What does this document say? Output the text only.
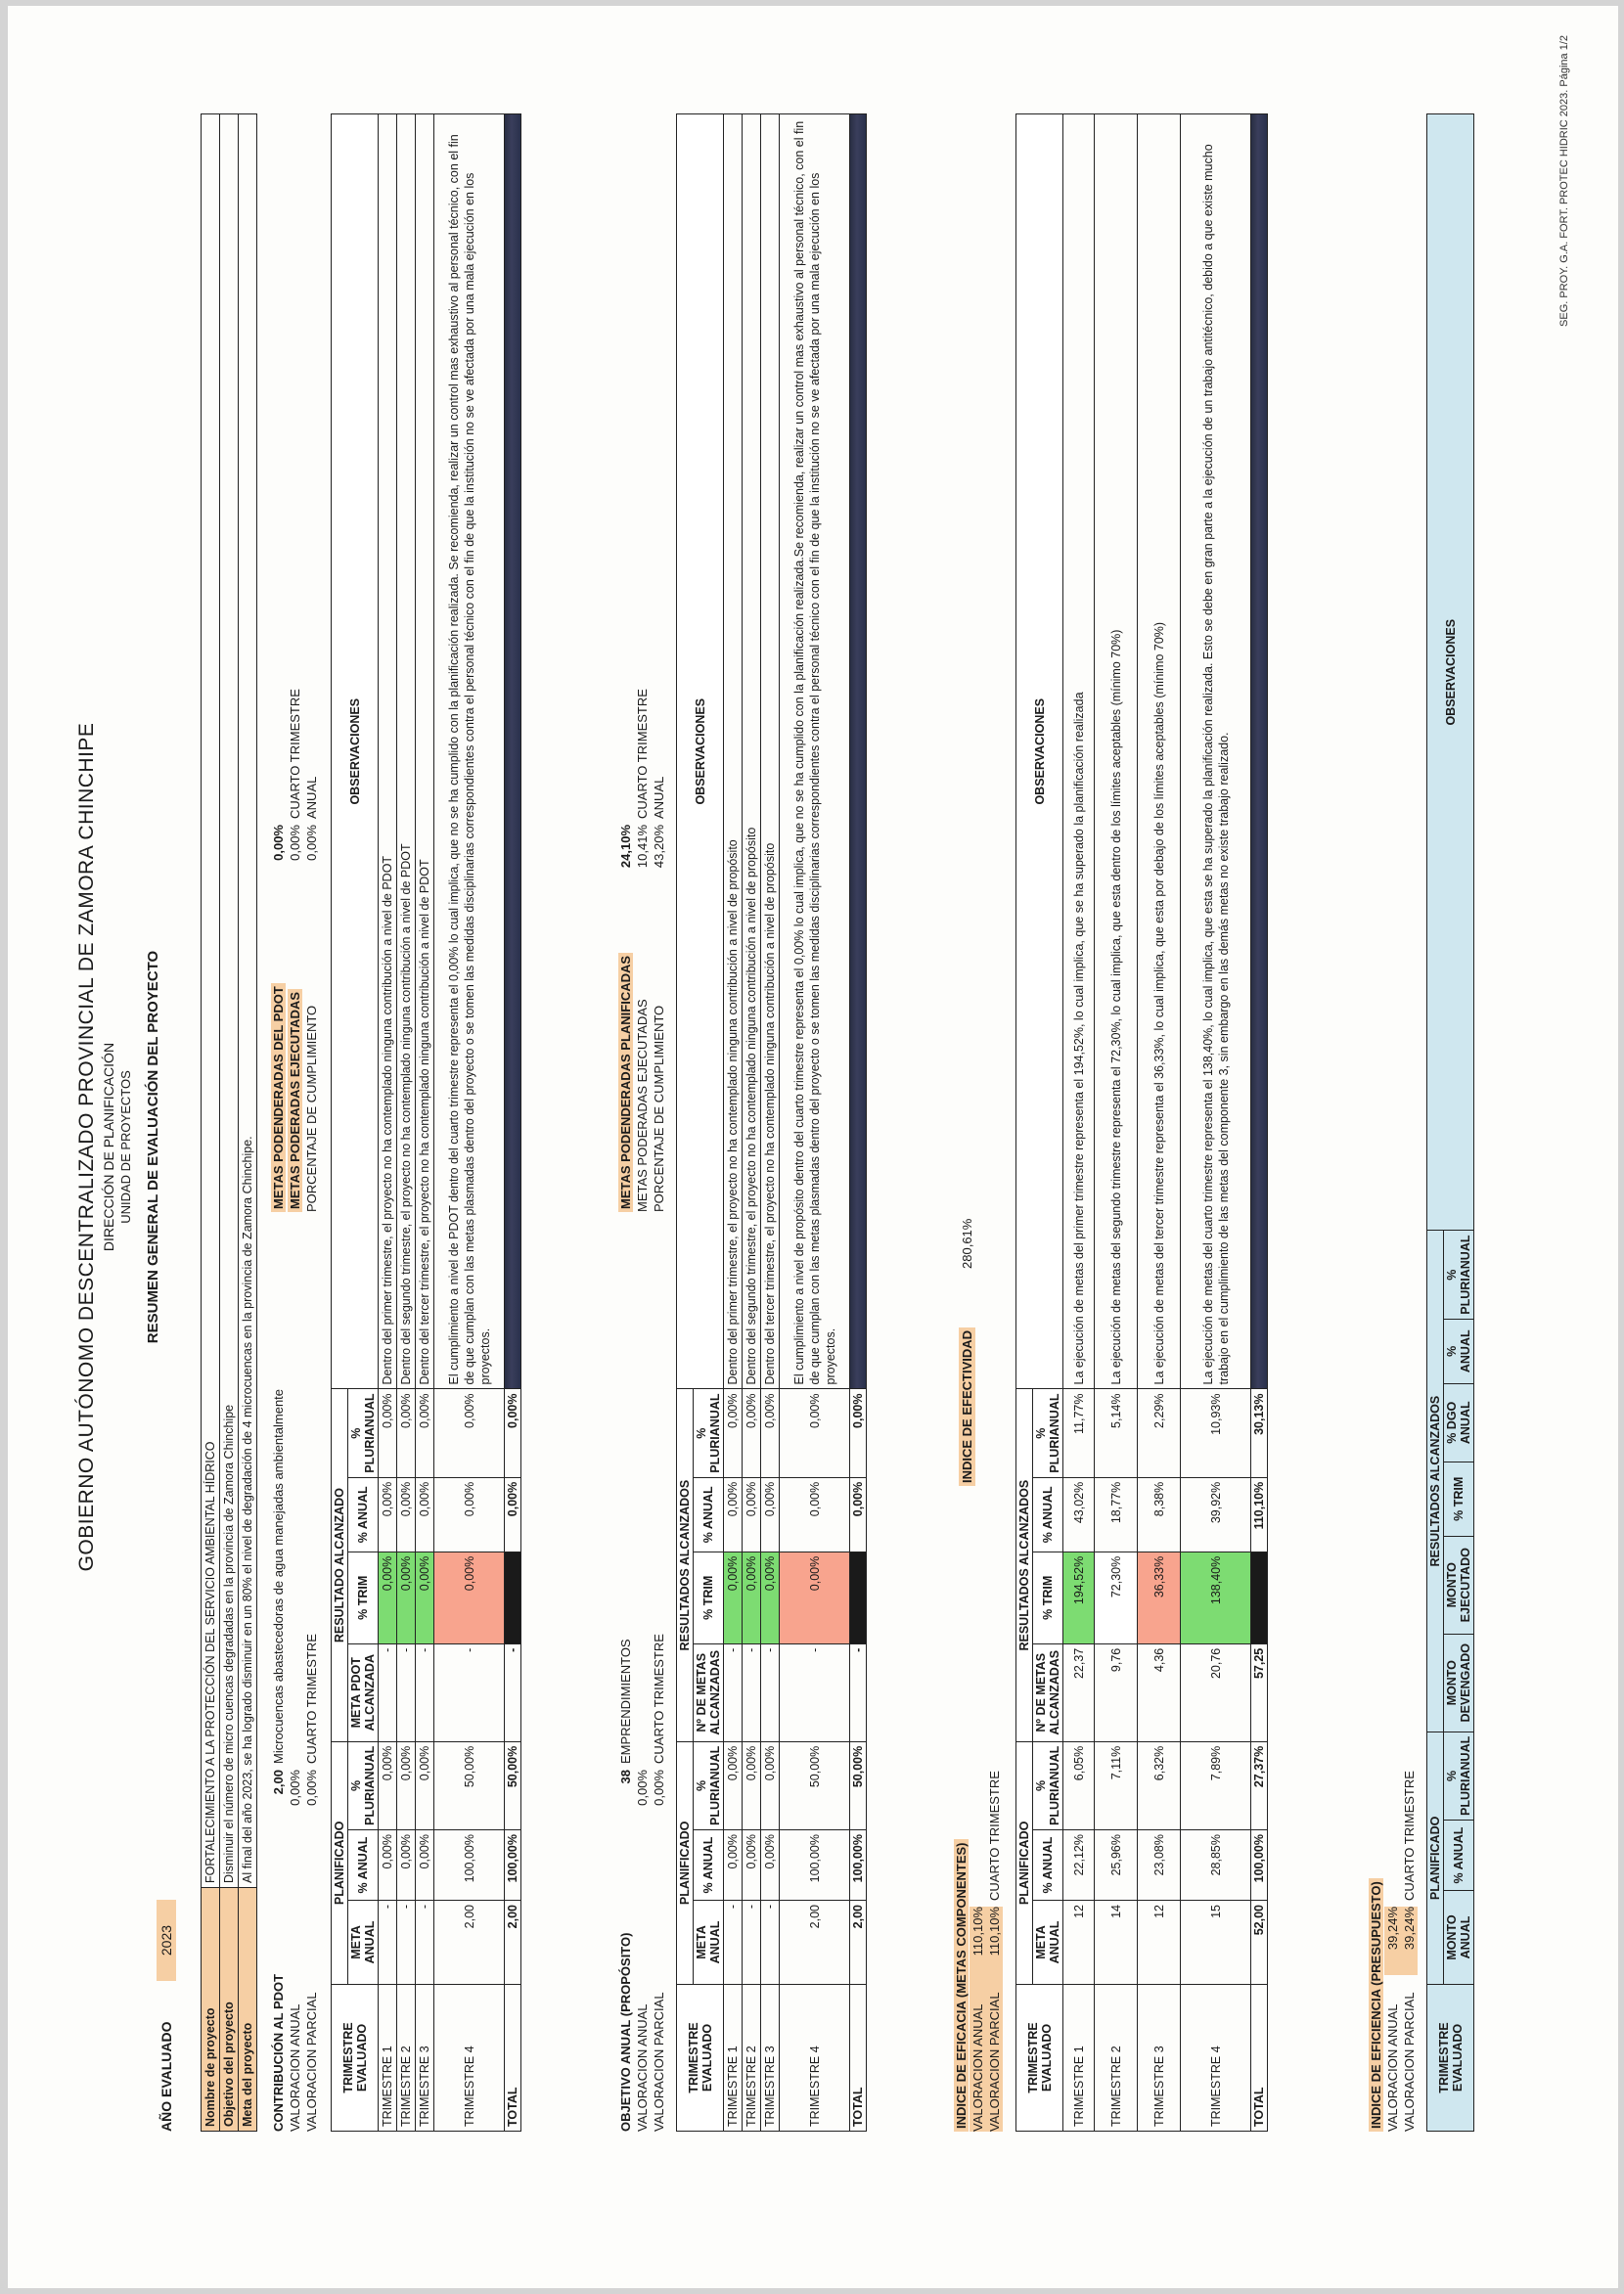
GOBIERNO AUTÓNOMO DESCENTRALIZADO PROVINCIAL DE ZAMORA CHINCHIPE DIRECCIÓN DE PLANIFICACIÓN UNIDAD DE PROYECTOS RESUMEN GENERAL DE EVALUACIÓN DEL PROYECTO
AÑO EVALUADO 2023
Nombre de proyecto	FORTALECIMIENTO A LA PROTECCIÓN DEL SERVICIO AMBIENTAL HÍDRICO
Objetivo del proyecto	Disminuir el número de micro cuencas degradadas en la provincia de Zamora Chinchipe
Meta del proyecto	Al final del año 2023, se ha logrado disminuir en un 80% el nivel de degradación de 4 microcuencas en la provincia de Zamora Chinchipe.
CONTRIBUCIÓN AL PDOT
2,00
Microcuencas abastecedoras de agua manejadas ambientalmente
VALORACION ANUAL
0,00%
VALORACION PARCIAL
0,00%
CUARTO TRIMESTRE
METAS PODENDERADAS DEL PDOT
0,00%
METAS PODERADAS EJECUTADAS
0,00%
CUARTO TRIMESTRE
PORCENTAJE DE CUMPLIMIENTO
0,00%
ANUAL
TRIMESTRE EVALUADO	PLANIFICADO			RESULTADO ALCANZADO				OBSERVACIONES
	META ANUAL	% ANUAL	% PLURIANUAL	META PDOT ALCANZADA	% TRIM	% ANUAL	% PLURIANUAL	
TRIMESTRE 1	-	0,00%	0,00%	-	0,00%	0,00%	0,00%	Dentro del primer trimestre, el proyecto no ha contemplado ninguna contribución a nivel de PDOT
TRIMESTRE 2	-	0,00%	0,00%	-	0,00%	0,00%	0,00%	Dentro del segundo trimestre, el proyecto no ha contemplado ninguna contribución a nivel de PDOT
TRIMESTRE 3	-	0,00%	0,00%	-	0,00%	0,00%	0,00%	Dentro del tercer trimestre, el proyecto no ha contemplado ninguna contribución a nivel de PDOT
TRIMESTRE 4	2,00	100,00%	50,00%	-	0,00%	0,00%	0,00%	El cumplimiento a nivel de PDOT dentro del cuarto trimestre representa el 0,00% lo cual implica, que no se ha cumplido con la planificación realizada. Se recomienda, realizar un control mas exhaustivo al personal técnico, con el fin de que cumplan con las metas plasmadas dentro del proyecto o se tomen las medidas disciplinarias correspondientes contra el personal técnico con el fin de que la institución no se ve afectada por una mala ejecución en los proyectos.
TOTAL	2,00	100,00%	50,00%	-		0,00%	0,00%	
OBJETIVO ANUAL (PROPÓSITO)
38
EMPRENDIMIENTOS
VALORACION ANUAL
0,00%
VALORACION PARCIAL
0,00%
CUARTO TRIMESTRE
METAS PODENDERADAS PLANIFICADAS
24,10%
METAS PODERADAS EJECUTADAS
10,41%
CUARTO TRIMESTRE
PORCENTAJE DE CUMPLIMIENTO
43,20%
ANUAL
TRIMESTRE EVALUADO	PLANIFICADO			RESULTADOS ALCANZADOS				OBSERVACIONES
	META ANUAL	% ANUAL	% PLURIANUAL	Nº DE METAS ALCANZADAS	% TRIM	% ANUAL	% PLURIANUAL	
TRIMESTRE 1	-	0,00%	0,00%	-	0,00%	0,00%	0,00%	Dentro del primer trimestre, el proyecto no ha contemplado ninguna contribución a nivel de propósito
TRIMESTRE 2	-	0,00%	0,00%	-	0,00%	0,00%	0,00%	Dentro del segundo trimestre, el proyecto no ha contemplado ninguna contribución a nivel de propósito
TRIMESTRE 3	-	0,00%	0,00%	-	0,00%	0,00%	0,00%	Dentro del tercer trimestre, el proyecto no ha contemplado ninguna contribución a nivel de propósito
TRIMESTRE 4	2,00	100,00%	50,00%	-	0,00%	0,00%	0,00%	El cumplimiento a nivel de propósito dentro del cuarto trimestre representa el 0,00% lo cual implica, que no se ha cumplido con la planificación realizada.Se recomienda, realizar un control mas exhaustivo al personal técnico, con el fin de que cumplan con las metas plasmadas dentro del proyecto o se tomen las medidas disciplinarias correspondientes contra el personal técnico con el fin de que la institución no se ve afectada por una mala ejecución en los proyectos.
TOTAL	2,00	100,00%	50,00%	-		0,00%	0,00%		INDICE DE EFECTIVIDAD
280,61%
INDICE DE EFICACIA (METAS COMPONENTES) VALORACION ANUAL
110,10%
VALORACION PARCIAL
110,10%
CUARTO TRIMESTRE
TRIMESTRE EVALUADO	PLANIFICADO			RESULTADOS ALCANZADOS				OBSERVACIONES
	META ANUAL	% ANUAL	% PLURIANUAL	Nº DE METAS ALCANZADAS	% TRIM	% ANUAL	% PLURIANUAL	
TRIMESTRE 1	12	22,12%	6,05%	22,37	194,52%	43,02%	11,77%	La ejecución de metas del primer trimestre representa el 194,52%, lo cual implica, que se ha superado la planificación realizada
TRIMESTRE 2	14	25,96%	7,11%	9,76	72,30%	18,77%	5,14%	La ejecución de metas del segundo trimestre representa el 72,30%, lo cual implica, que esta dentro de los límites aceptables (mínimo 70%)
TRIMESTRE 3	12	23,08%	6,32%	4,36	36,33%	8,38%	2,29%	La ejecución de metas del tercer trimestre representa el 36,33%, lo cual implica, que esta por debajo de los límites aceptables (mínimo 70%)
TRIMESTRE 4	15	28,85%	7,89%	20,76	138,40%	39,92%	10,93%	La ejecución de metas del cuarto trimestre representa el 138,40%, lo cual implica, que esta se ha superado la planificación realizada. Esto se debe en gran parte a la ejecución de un trabajo antitécnico, debido a que existe mucho trabajo en el cumplimiento de las metas del componente 3, sin embargo en las demás metas no existe trabajo realizado.
TOTAL	52,00	100,00%	27,37%	57,25		110,10%	30,13%	
INDICE DE EFICIENCIA (PRESUPUESTO) VALORACION ANUAL
39,24%
VALORACION PARCIAL
39,24%
CUARTO TRIMESTRE
TRIMESTRE EVALUADO	PLANIFICADO			RESULTADOS ALCANZADOS						OBSERVACIONES
	MONTO ANUAL	% ANUAL	% PLURIANUAL	MONTO DEVENGADO	MONTO EJECUTADO	% TRIM	% DGO ANUAL	% ANUAL	% PLURIANUAL	
SEG. PROY. G.A. FORT. PROTEC HIDRIC 2023. Página 1/2
